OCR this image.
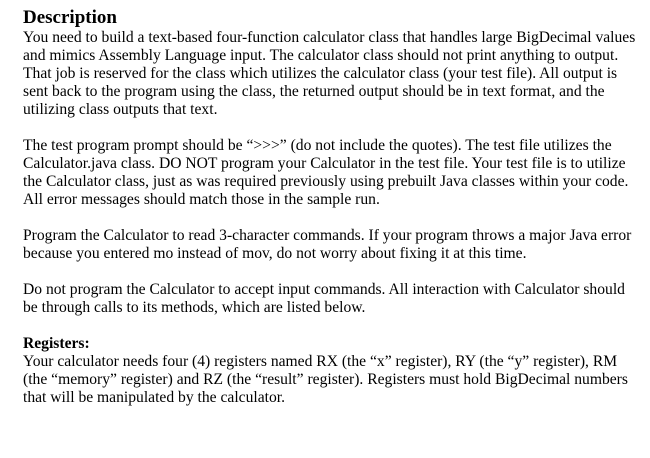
Description

You need to build a text-based four-function calculator class that handles large BigDecimal values and mimics Assembly Language input. The calculator class should not print anything to output. That job is reserved for the class which utilizes the calculator class (your test file). All output is sent back to the program using the class, the returned output should be in text format, and the utilizing class outputs that text.

The test program prompt should be “>>>” (do not include the quotes). The test file utilizes the Calculator.java class. DO NOT program your Calculator in the test file. Your test file is to utilize the Calculator class, just as was required previously using prebuilt Java classes within your code. All error messages should match those in the sample run.

Program the Calculator to read 3-character commands. If your program throws a major Java error because you entered mo instead of mov, do not worry about fixing it at this time.

Do not program the Calculator to accept input commands. All interaction with Calculator should be through calls to its methods, which are listed below.

Registers:

Your calculator needs four (4) registers named RX (the “x” register), RY (the “y” register), RM (the “memory” register) and RZ (the “result” register). Registers must hold BigDecimal numbers that will be manipulated by the calculator.
